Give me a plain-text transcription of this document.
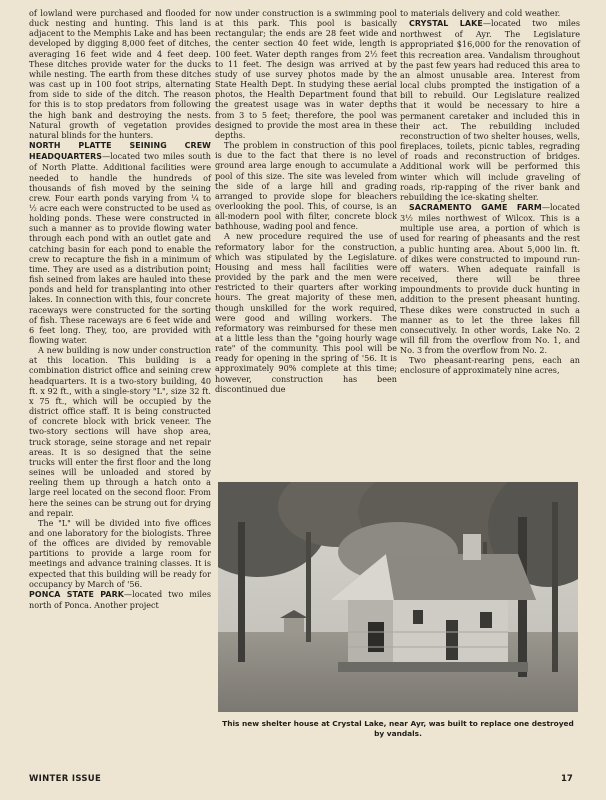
of lowland were purchased and flooded for duck nesting and hunting. This land is adjacent to the Memphis Lake and has been developed by digging 8,000 feet of ditches, averaging 16 feet wide and 4 feet deep. These ditches provide water for the ducks while nesting. The earth from these ditches was cast up in 100 foot strips, alternating from side to side of the ditch. The reason for this is to stop predators from following the high bank and destroying the nests. Natural growth of vegetation provides natural blinds for the hunters.

NORTH PLATTE SEINING CREW HEADQUARTERS—located two miles south of North Platte. Additional facilities were needed to handle the hundreds of thousands of fish moved by the seining crew. Four earth ponds varying from ¼ to ½ acre each were constructed to be used as holding ponds. These were constructed in such a manner as to provide flowing water through each pond with an outlet gate and catching basin for each pond to enable the crew to recapture the fish in a minimum of time. They are used as a distribution point; fish seined from lakes are hauled into these ponds and held for transplanting into other lakes. In connection with this, four concrete raceways were constructed for the sorting of fish. These raceways are 6 feet wide and 6 feet long. They, too, are provided with flowing water.

A new building is now under construction at this location. This building is a combination district office and seining crew headquarters. It is a two-story building, 40 ft. x 92 ft., with a single-story "L", size 32 ft. x 75 ft., which will be occupied by the district office staff. It is being constructed of concrete block with brick veneer. The two-story sections will have shop area, truck storage, seine storage and net repair areas. It is so designed that the seine trucks will enter the first floor and the long seines will be unloaded and stored by reeling them up through a hatch onto a large reel located on the second floor. From here the seines can be strung out for drying and repair.

The "L" will be divided into five offices and one laboratory for the biologists. Three of the offices are divided by removable partitions to provide a large room for meetings and advance training classes. It is expected that this building will be ready for occupancy by March of '56.

PONCA STATE PARK—located two miles north of Ponca. Another project

now under construction is a swimming pool at this park. This pool is basically rectangular; the ends are 28 feet wide and the center section 40 feet wide, length is 100 feet. Water depth ranges from 2½ feet to 11 feet. The design was arrived at by study of use survey photos made by the State Health Dept. In studying these aerial photos, the Health Department found that the greatest usage was in water depths from 3 to 5 feet; therefore, the pool was designed to provide the most area in these depths.

The problem in construction of this pool is due to the fact that there is no level ground area large enough to accumulate a pool of this size. The site was leveled from the side of a large hill and grading arranged to provide slope for bleachers overlooking the pool. This, of course, is an all-modern pool with filter, concrete block bathhouse, wading pool and fence.

A new procedure required the use of reformatory labor for the construction, which was stipulated by the Legislature. Housing and mess hall facilities were provided by the park and the men were restricted to their quarters after working hours. The great majority of these men, though unskilled for the work required, were good and willing workers. The reformatory was reimbursed for these men at a little less than the "going hourly wage rate" of the community. This pool will be ready for opening in the spring of '56. It is approximately 90% complete at this time; however, construction has been discontinued due

to materials delivery and cold weather.

CRYSTAL LAKE—located two miles northwest of Ayr. The Legislature appropriated $16,000 for the renovation of this recreation area. Vandalism throughout the past few years had reduced this area to an almost unusable area. Interest from local clubs prompted the instigation of a bill to rebuild. Our Legislature realized that it would be necessary to hire a permanent caretaker and included this in their act. The rebuilding included reconstruction of two shelter houses, wells, fireplaces, toilets, picnic tables, regrading of roads and reconstruction of bridges. Additional work will be performed this winter which will include graveling of roads, rip-rapping of the river bank and rebuilding the ice-skating shelter.

SACRAMENTO GAME FARM—located 3½ miles northwest of Wilcox. This is a multiple use area, a portion of which is used for rearing of pheasants and the rest a public hunting area. About 5,000 lin. ft. of dikes were constructed to impound run-off waters. When adequate rainfall is received, there will be three impoundments to provide duck hunting in addition to the present pheasant hunting. These dikes were constructed in such a manner as to let the three lakes fill consecutively. In other words, Lake No. 2 will fill from the overflow from No. 1, and No. 3 from the overflow from No. 2.

Two pheasant-rearing pens, each an enclosure of approximately nine acres,

This new shelter house at Crystal Lake, near Ayr, was built to replace one destroyed by vandals.
WINTER ISSUE	17
